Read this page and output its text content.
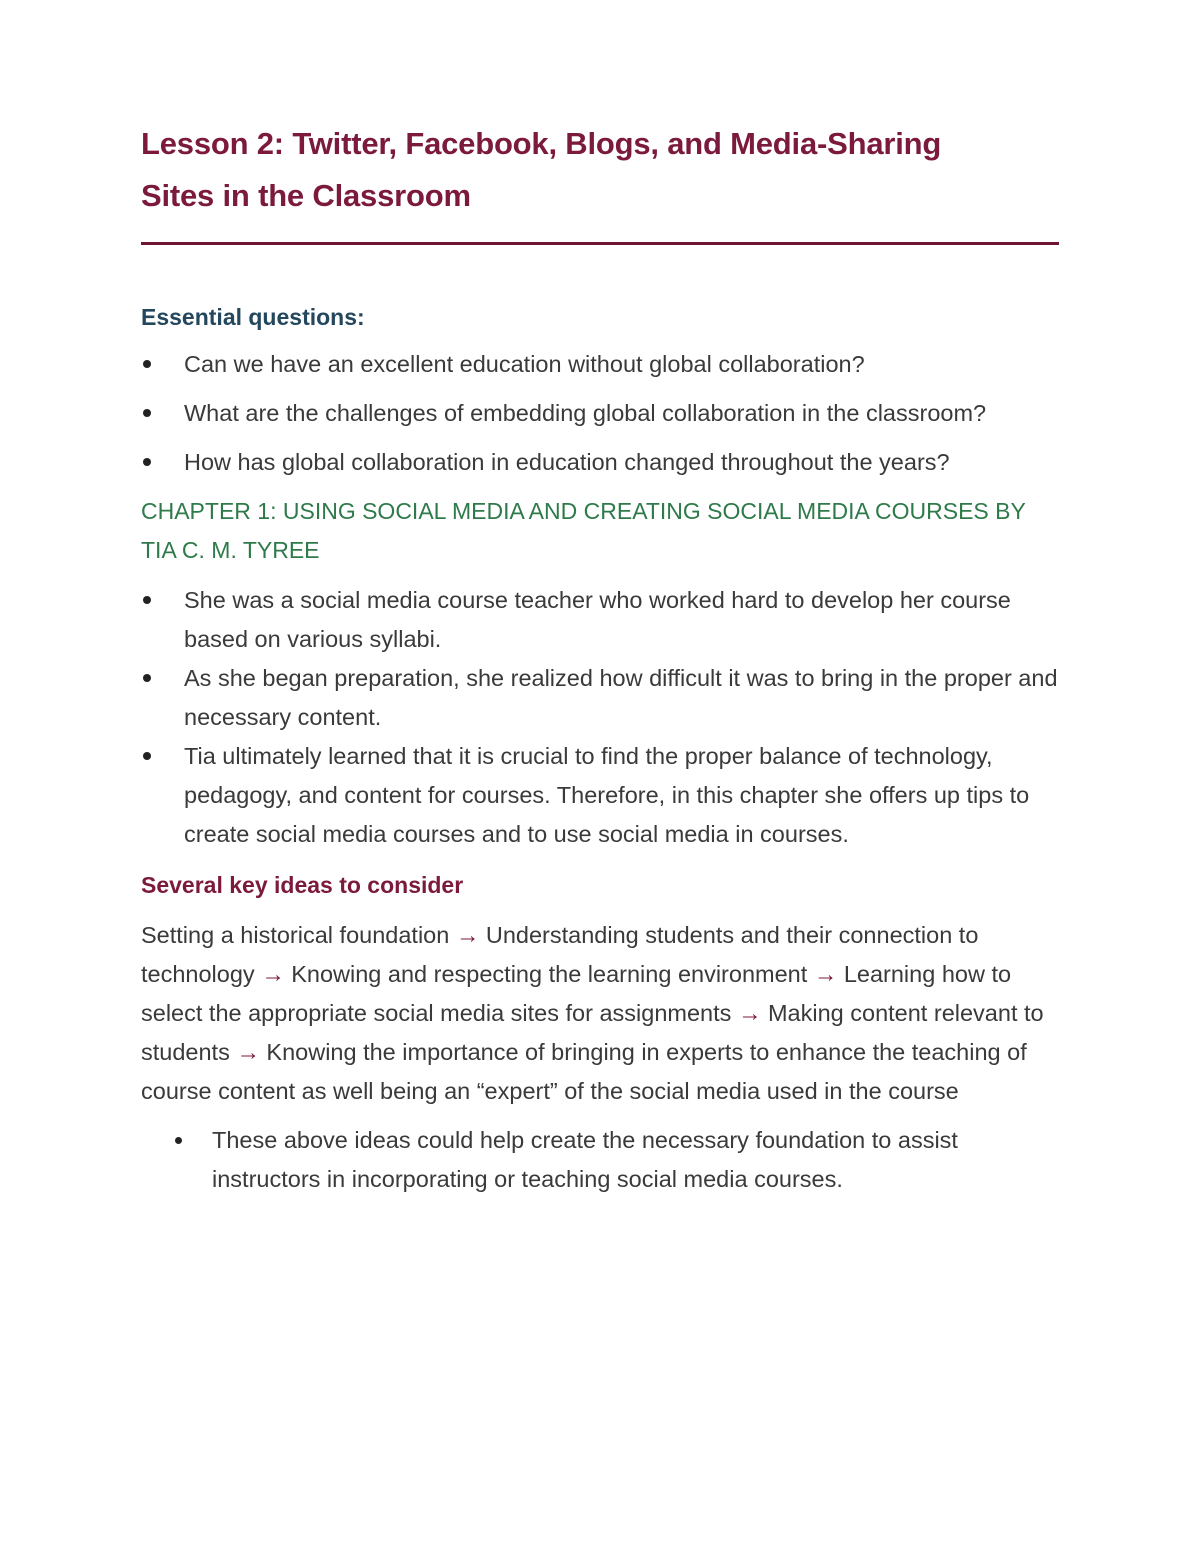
Lesson 2: Twitter, Facebook, Blogs, and Media-Sharing
Sites in the Classroom
Essential questions:
Can we have an excellent education without global collaboration?
What are the challenges of embedding global collaboration in the classroom?
How has global collaboration in education changed throughout the years?
CHAPTER 1: USING SOCIAL MEDIA AND CREATING SOCIAL MEDIA COURSES BY TIA C. M. TYREE
She was a social media course teacher who worked hard to develop her course based on various syllabi.
As she began preparation, she realized how difficult it was to bring in the proper and necessary content.
Tia ultimately learned that it is crucial to find the proper balance of technology, pedagogy, and content for courses. Therefore, in this chapter she offers up tips to create social media courses and to use social media in courses.
Several key ideas to consider
Setting a historical foundation → Understanding students and their connection to technology → Knowing and respecting the learning environment → Learning how to select the appropriate social media sites for assignments → Making content relevant to students → Knowing the importance of bringing in experts to enhance the teaching of course content as well being an “expert” of the social media used in the course
These above ideas could help create the necessary foundation to assist instructors in incorporating or teaching social media courses.
